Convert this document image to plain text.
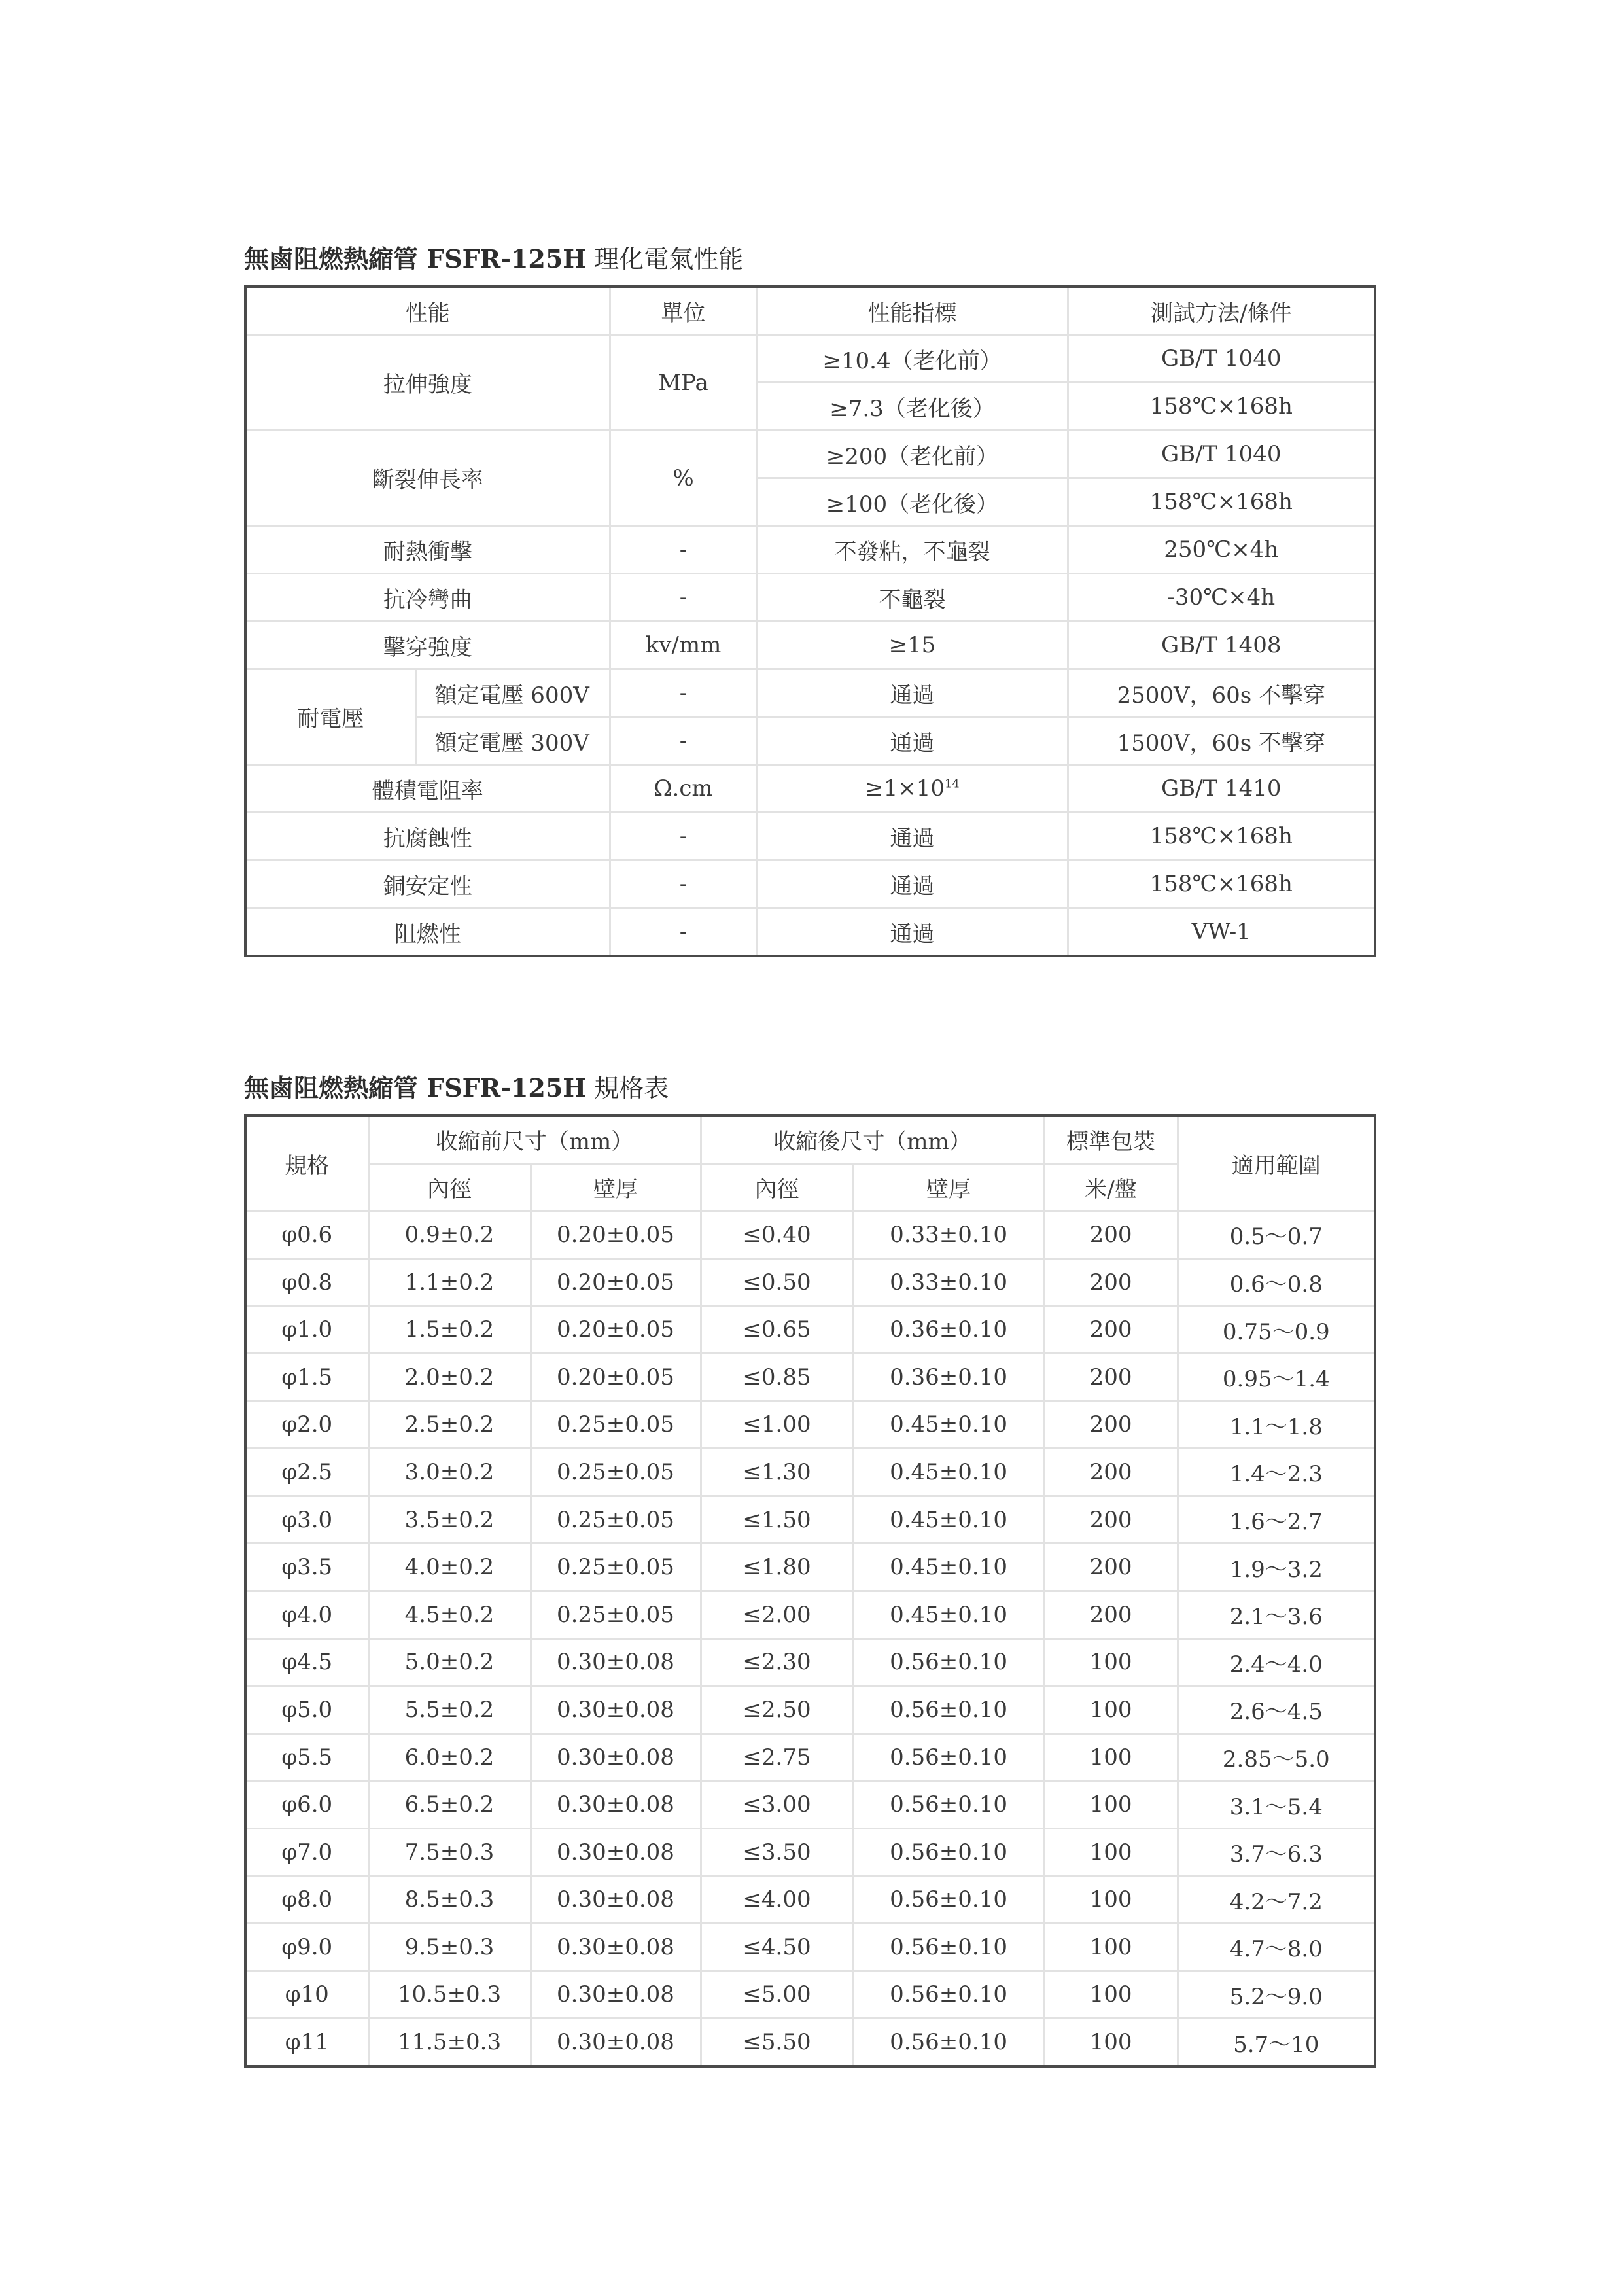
無鹵阻燃熱縮管 FSFR-125H 理化電氣性能

性能		單位	性能指標	測試方法/條件
拉伸強度		MPa	≥10.4（老化前）	GB/T 1040
			≥7.3（老化後）	158℃×168h
斷裂伸長率		%	≥200（老化前）	GB/T 1040
			≥100（老化後）	158℃×168h
耐熱衝擊		-	不發粘，不龜裂	250℃×4h
抗冷彎曲		-	不龜裂	-30℃×4h
擊穿強度		kv/mm	≥15	GB/T 1408
耐電壓	額定電壓 600V	-	通過	2500V，60s 不擊穿
	額定電壓 300V	-	通過	1500V，60s 不擊穿
體積電阻率		Ω.cm	$\ge 1\times 10^{14}$	GB/T 1410
抗腐蝕性		-	通過	158℃×168h
銅安定性		-	通過	158℃×168h
阻燃性		-	通過	VW-1

無鹵阻燃熱縮管 FSFR-125H 規格表

規格	收縮前尺寸（mm）		收縮後尺寸（mm）		標準包裝	適用範圍
	內徑	壁厚	內徑	壁厚	米/盤	
φ0.6	0.9±0.2	0.20±0.05	≤0.40	0.33±0.10	200	0.5～0.7
φ0.8	1.1±0.2	0.20±0.05	≤0.50	0.33±0.10	200	0.6～0.8
φ1.0	1.5±0.2	0.20±0.05	≤0.65	0.36±0.10	200	0.75～0.9
φ1.5	2.0±0.2	0.20±0.05	≤0.85	0.36±0.10	200	0.95～1.4
φ2.0	2.5±0.2	0.25±0.05	≤1.00	0.45±0.10	200	1.1～1.8
φ2.5	3.0±0.2	0.25±0.05	≤1.30	0.45±0.10	200	1.4～2.3
φ3.0	3.5±0.2	0.25±0.05	≤1.50	0.45±0.10	200	1.6～2.7
φ3.5	4.0±0.2	0.25±0.05	≤1.80	0.45±0.10	200	1.9～3.2
φ4.0	4.5±0.2	0.25±0.05	≤2.00	0.45±0.10	200	2.1～3.6
φ4.5	5.0±0.2	0.30±0.08	≤2.30	0.56±0.10	100	2.4～4.0
φ5.0	5.5±0.2	0.30±0.08	≤2.50	0.56±0.10	100	2.6～4.5
φ5.5	6.0±0.2	0.30±0.08	≤2.75	0.56±0.10	100	2.85～5.0
φ6.0	6.5±0.2	0.30±0.08	≤3.00	0.56±0.10	100	3.1～5.4
φ7.0	7.5±0.3	0.30±0.08	≤3.50	0.56±0.10	100	3.7～6.3
φ8.0	8.5±0.3	0.30±0.08	≤4.00	0.56±0.10	100	4.2～7.2
φ9.0	9.5±0.3	0.30±0.08	≤4.50	0.56±0.10	100	4.7～8.0
φ10	10.5±0.3	0.30±0.08	≤5.00	0.56±0.10	100	5.2～9.0
φ11	11.5±0.3	0.30±0.08	≤5.50	0.56±0.10	100	5.7～10
